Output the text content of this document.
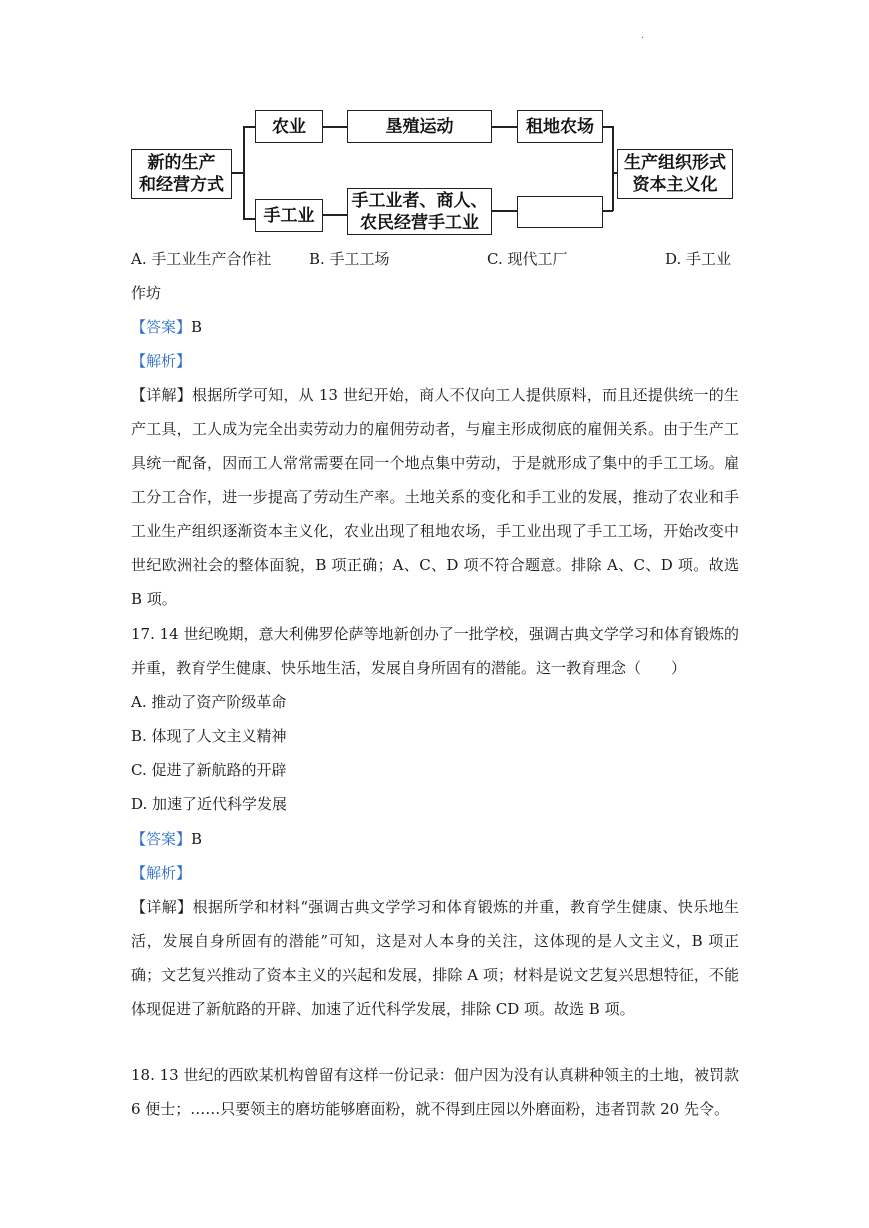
.
新的生产
和经营方式
农业	垦殖运动	租地农场
手工业
手工业者、商人、
农民经营手工业
生产组织形式
资本主义化
A. 手工业生产合作社	B. 手工工场	C. 现代工厂	D. 手工业
作坊
【答案】B
【解析】
【详解】根据所学可知，从 13 世纪开始，商人不仅向工人提供原料，而且还提供统一的生产工具，工人成为完全出卖劳动力的雇佣劳动者，与雇主形成彻底的雇佣关系。由于生产工具统一配备，因而工人常常需要在同一个地点集中劳动，于是就形成了集中的手工工场。雇工分工合作，进一步提高了劳动生产率。土地关系的变化和手工业的发展，推动了农业和手工业生产组织逐渐资本主义化，农业出现了租地农场，手工业出现了手工工场，开始改变中世纪欧洲社会的整体面貌，B 项正确；A、C、D 项不符合题意。排除 A、C、D 项。故选 B 项。
17. 14 世纪晚期，意大利佛罗伦萨等地新创办了一批学校，强调古典文学学习和体育锻炼的并重，教育学生健康、快乐地生活，发展自身所固有的潜能。这一教育理念（　　）
A. 推动了资产阶级革命
B. 体现了人文主义精神
C. 促进了新航路的开辟
D. 加速了近代科学发展
【答案】B
【解析】
【详解】根据所学和材料“强调古典文学学习和体育锻炼的并重，教育学生健康、快乐地生活，发展自身所固有的潜能”可知，这是对人本身的关注，这体现的是人文主义，B 项正确；文艺复兴推动了资本主义的兴起和发展，排除 A 项；材料是说文艺复兴思想特征，不能体现促进了新航路的开辟、加速了近代科学发展，排除 CD 项。故选 B 项。
18. 13 世纪的西欧某机构曾留有这样一份记录：佃户因为没有认真耕种领主的土地，被罚款 6 便士；……只要领主的磨坊能够磨面粉，就不得到庄园以外磨面粉，违者罚款 20 先令。
